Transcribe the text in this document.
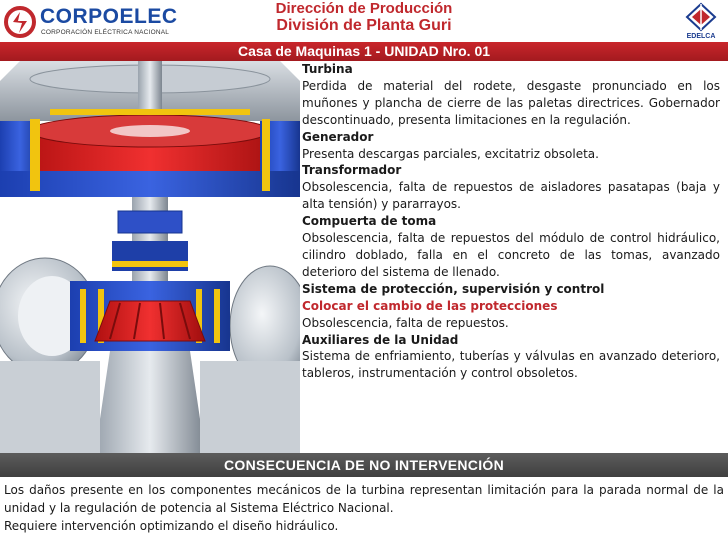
CORPOELEC
CORPORACIÓN ELÉCTRICA NACIONAL
Dirección de Producción
División de Planta Guri
EDELCA
Casa de Maquinas 1 - UNIDAD Nro. 01

Turbina

Perdida de material del rodete, desgaste pronunciado en los muñones y plancha de cierre de las paletas directrices. Gobernador descontinuado, presenta limitaciones en la regulación.

Generador

Presenta descargas parciales, excitatriz obsoleta.

Transformador

Obsolescencia, falta de repuestos de aisladores pasatapas (baja y alta tensión) y pararrayos.

Compuerta de toma

Obsolescencia, falta de repuestos del módulo de control hidráulico, cilindro doblado, falla en el concreto de las tomas, avanzado deterioro del sistema de llenado.

Sistema de protección, supervisión y control

Colocar el cambio de las protecciones

Obsolescencia, falta de repuestos.

Auxiliares de la Unidad

Sistema de enfriamiento, tuberías y válvulas en avanzado deterioro, tableros, instrumentación y control obsoletos.

CONSECUENCIA DE NO INTERVENCIÓN

Los daños presente en los componentes mecánicos de la turbina representan limitación para la parada normal de la unidad y la regulación de potencia al Sistema Eléctrico Nacional.

Requiere intervención optimizando el diseño hidráulico.
